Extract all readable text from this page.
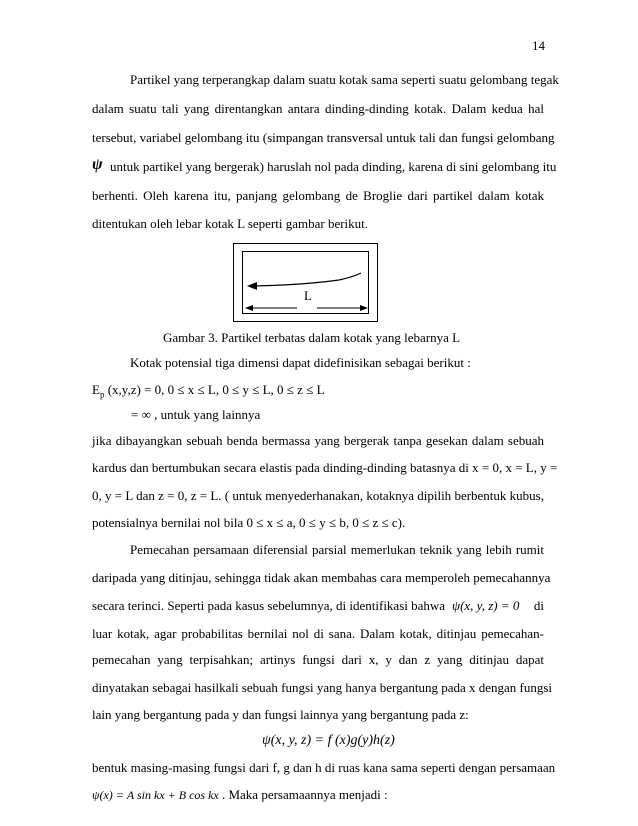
14
Partikel yang terperangkap dalam suatu kotak sama seperti suatu gelombang tegak
dalam suatu tali yang direntangkan antara dinding-dinding kotak. Dalam kedua hal
tersebut, variabel gelombang itu (simpangan transversal untuk tali dan fungsi gelombang
ψ untuk partikel yang bergerak) haruslah nol pada dinding, karena di sini gelombang itu
berhenti. Oleh karena itu, panjang gelombang de Broglie dari partikel dalam kotak
ditentukan oleh lebar kotak L seperti gambar berikut.
L
Gambar 3. Partikel terbatas dalam kotak yang lebarnya L
Kotak potensial tiga dimensi dapat didefinisikan sebagai berikut :
$E_p$ (x,y,z) = 0, 0 ≤ x ≤ L, 0 ≤ y ≤ L, 0 ≤ z ≤ L
= ∞ , untuk yang lainnya
jika dibayangkan sebuah benda bermassa yang bergerak tanpa gesekan dalam sebuah
kardus dan bertumbukan secara elastis pada dinding-dinding batasnya di x = 0, x = L, y =
0, y = L dan z = 0, z = L. ( untuk menyederhanakan, kotaknya dipilih berbentuk kubus,
potensialnya bernilai nol bila 0 ≤ x ≤ a, 0 ≤ y ≤ b, 0 ≤ z ≤ c).
Pemecahan persamaan diferensial parsial memerlukan teknik yang lebih rumit
daripada yang ditinjau, sehingga tidak akan membahas cara memperoleh pemecahannya
secara terinci. Seperti pada kasus sebelumnya, di identifikasi bahwa ψ(x, y, z) = 0 di
luar kotak, agar probabilitas bernilai nol di sana. Dalam kotak, ditinjau pemecahan-
pemecahan yang terpisahkan; artinys fungsi dari x, y dan z yang ditinjau dapat
dinyatakan sebagai hasilkali sebuah fungsi yang hanya bergantung pada x dengan fungsi
lain yang bergantung pada y dan fungsi lainnya yang bergantung pada z:
ψ(x, y, z) = f (x)g(y)h(z)
bentuk masing-masing fungsi dari f, g dan h di ruas kana sama seperti dengan persamaan
ψ(x) = A sin kx + B cos kx . Maka persamaannya menjadi :
